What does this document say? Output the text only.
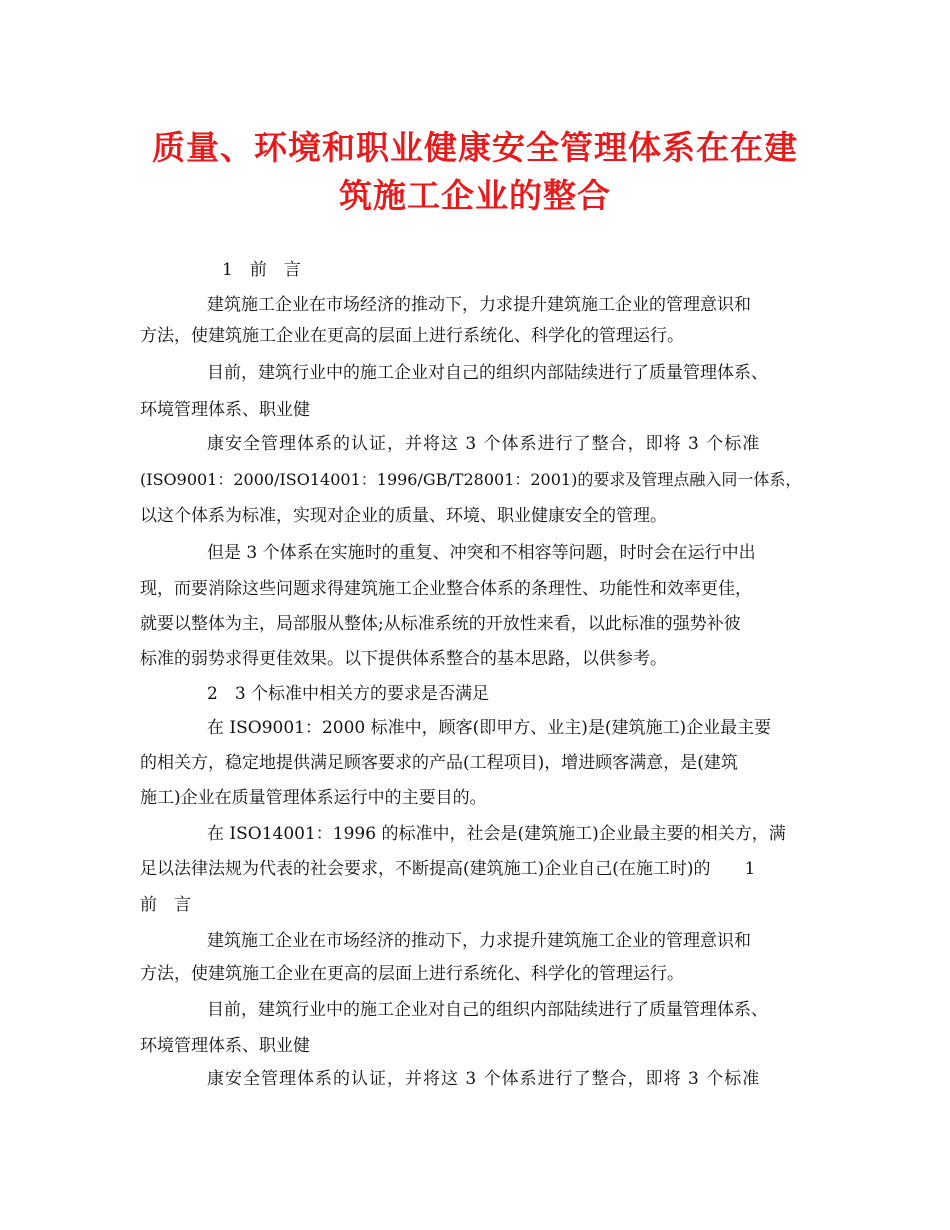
质量、环境和职业健康安全管理体系在在建
筑施工企业的整合

1　前　言

建筑施工企业在市场经济的推动下，力求提升建筑施工企业的管理意识和

方法，使建筑施工企业在更高的层面上进行系统化、科学化的管理运行。

目前，建筑行业中的施工企业对自己的组织内部陆续进行了质量管理体系、

环境管理体系、职业健

康安全管理体系的认证，并将这 3 个体系进行了整合，即将 3 个标准

(ISO9001：2000/ISO14001：1996/GB/T28001：2001)的要求及管理点融入同一体系，

以这个体系为标准，实现对企业的质量、环境、职业健康安全的管理。

但是 3 个体系在实施时的重复、冲突和不相容等问题，时时会在运行中出

现，而要消除这些问题求得建筑施工企业整合体系的条理性、功能性和效率更佳，

就要以整体为主，局部服从整体;从标准系统的开放性来看，以此标准的强势补彼

标准的弱势求得更佳效果。以下提供体系整合的基本思路，以供参考。

2　3 个标准中相关方的要求是否满足

在 ISO9001：2000 标准中，顾客(即甲方、业主)是(建筑施工)企业最主要

的相关方，稳定地提供满足顾客要求的产品(工程项目)，增进顾客满意，是(建筑

施工)企业在质量管理体系运行中的主要目的。

在 ISO14001：1996 的标准中，社会是(建筑施工)企业最主要的相关方，满

足以法律法规为代表的社会要求，不断提高(建筑施工)企业自己(在施工时)的　　1

前　言

建筑施工企业在市场经济的推动下，力求提升建筑施工企业的管理意识和

方法，使建筑施工企业在更高的层面上进行系统化、科学化的管理运行。

目前，建筑行业中的施工企业对自己的组织内部陆续进行了质量管理体系、

环境管理体系、职业健

康安全管理体系的认证，并将这 3 个体系进行了整合，即将 3 个标准
